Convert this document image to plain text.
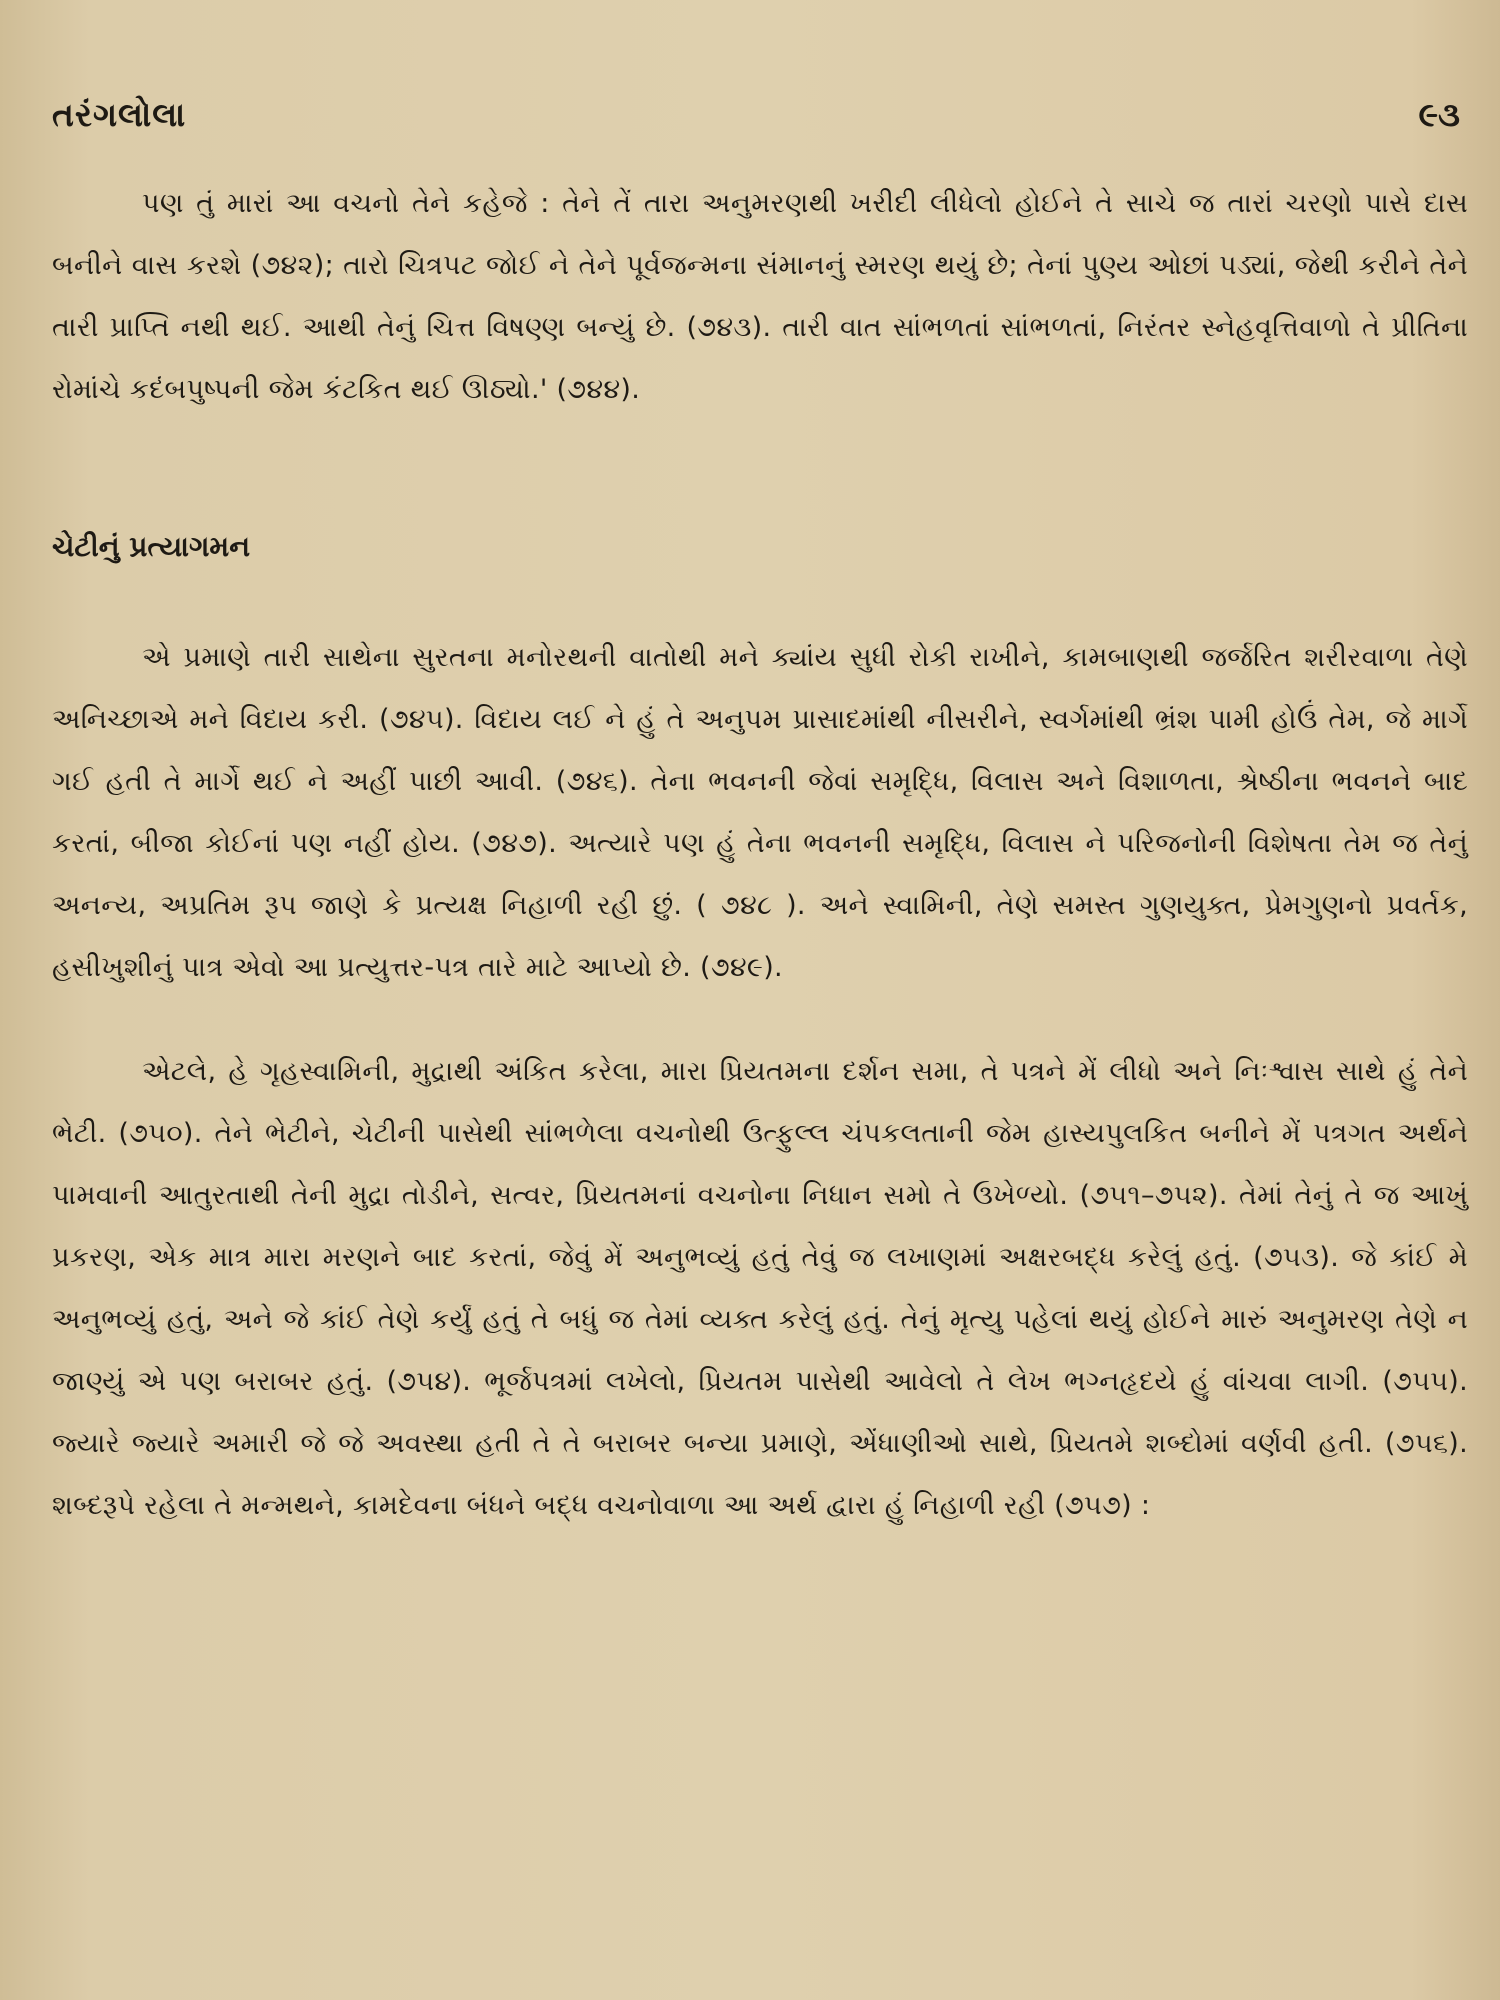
તરંગલોલા	૯૩

પણ તું મારાં આ વચનો તેને કહેજે : તેને તેં તારા અનુમરણથી ખરીદી લીધેલો હોઈને તે સાચે જ તારાં ચરણો પાસે દાસ બનીને વાસ કરશે (૭૪૨); તારો ચિત્રપટ જોઈ ને તેને પૂર્વજન્મના સંમાનનું સ્મરણ થયું છે; તેનાં પુણ્ય ઓછાં પડ્યાં, જેથી કરીને તેને તારી પ્રાપ્તિ નથી થઈ. આથી તેનું ચિત્ત વિષણ્ણ બન્યું છે. (૭૪૩). તારી વાત સાંભળતાં સાંભળતાં, નિરંતર સ્નેહવૃત્તિવાળો તે પ્રીતિના રોમાંચે કદંબપુષ્પની જેમ કંટકિત થઈ ઊઠ્યો.' (૭૪૪).

ચેટીનું પ્રત્યાગમન

એ પ્રમાણે તારી સાથેના સુરતના મનોરથની વાતોથી મને ક્યાંય સુધી રોકી રાખીને, કામબાણથી જર્જરિત શરીરવાળા તેણે અનિચ્છાએ મને વિદાય કરી. (૭૪૫). વિદાય લઈ ને હું તે અનુપમ પ્રાસાદમાંથી નીસરીને, સ્વર્ગમાંથી ભ્રંશ પામી હોઉં તેમ, જે માર્ગે ગઈ હતી તે માર્ગે થઈ ને અહીં પાછી આવી. (૭૪૬). તેના ભવનની જેવાં સમૃદ્ધિ, વિલાસ અને વિશાળતા, શ્રેષ્ઠીના ભવનને બાદ કરતાં, બીજા કોઈનાં પણ નહીં હોય. (૭૪૭). અત્યારે પણ હું તેના ભવનની સમૃદ્ધિ, વિલાસ ને પરિજનોની વિશેષતા તેમ જ તેનું અનન્ય, અપ્રતિમ રૂપ જાણે કે પ્રત્યક્ષ નિહાળી રહી છું. ( ૭૪૮ ). અને સ્વામિની, તેણે સમસ્ત ગુણયુક્ત, પ્રેમગુણનો પ્રવર્તક, હસીખુશીનું પાત્ર એવો આ પ્રત્યુત્તર-પત્ર તારે માટે આપ્યો છે. (૭૪૯).

એટલે, હે ગૃહસ્વામિની, મુદ્રાથી અંકિત કરેલા, મારા પ્રિયતમના દર્શન સમા, તે પત્રને મેં લીધો અને નિઃશ્વાસ સાથે હું તેને ભેટી. (૭૫૦). તેને ભેટીને, ચેટીની પાસેથી સાંભળેલા વચનોથી ઉત્ફુલ્લ ચંપકલતાની જેમ હાસ્યપુલકિત બનીને મેં પત્રગત અર્થને પામવાની આતુરતાથી તેની મુદ્રા તોડીને, સત્વર, પ્રિયતમનાં વચનોના નિધાન સમો તે ઉખેળ્યો. (૭૫૧–૭૫૨). તેમાં તેનું તે જ આખું પ્રકરણ, એક માત્ર મારા મરણને બાદ કરતાં, જેવું મેં અનુભવ્યું હતું તેવું જ લખાણમાં અક્ષરબદ્ધ કરેલું હતું. (૭૫૩). જે કાંઈ મે અનુભવ્યું હતું, અને જે કાંઈ તેણે કર્યું હતું તે બધું જ તેમાં વ્યક્ત કરેલું હતું. તેનું મૃત્યુ પહેલાં થયું હોઈને મારું અનુમરણ તેણે ન જાણ્યું એ પણ બરાબર હતું. (૭૫૪). ભૂર્જપત્રમાં લખેલો, પ્રિયતમ પાસેથી આવેલો તે લેખ ભગ્નહૃદયે હું વાંચવા લાગી. (૭૫૫). જ્યારે જ્યારે અમારી જે જે અવસ્થા હતી તે તે બરાબર બન્યા પ્રમાણે, એંધાણીઓ સાથે, પ્રિયતમે શબ્દોમાં વર્ણવી હતી. (૭૫૬). શબ્દરૂપે રહેલા તે મન્મથને, કામદેવના બંધને બદ્ધ વચનોવાળા આ અર્થ દ્વારા હું નિહાળી રહી (૭૫૭) :
